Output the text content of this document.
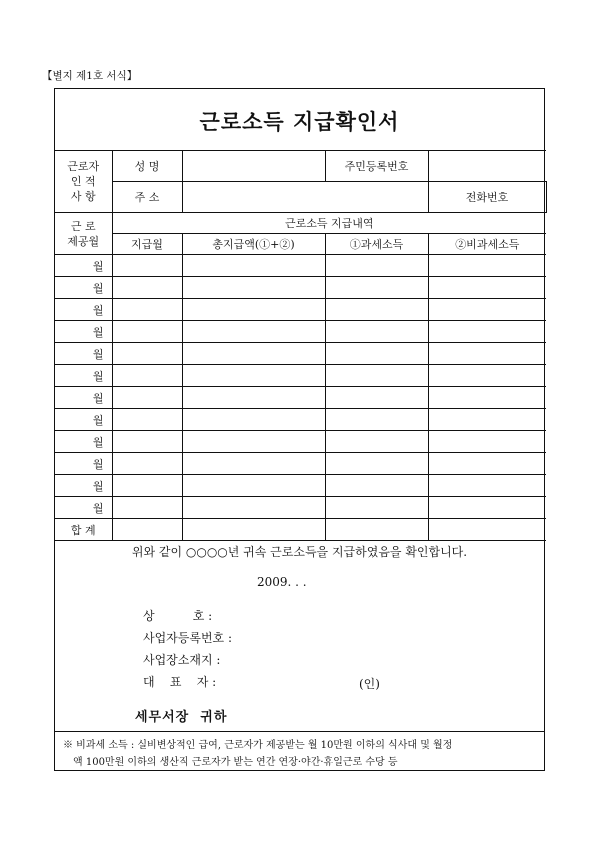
【별지 제1호 서식】
근로소득 지급확인서
근로자
인 적
사 항	성 명		주민등록번호		
	주 소			전화번호	

근 로
제공월	근로소득 지급내역				
	지급월	총지급액(①+②)	①과세소득	②비과세소득	
월					
월					
월					
월					
월					
월					
월					
월					
월					
월					
월					
월					
합 계					
위와 같이 ○○○○년 귀속 근로소득을 지급하였음을 확인합니다.
2009. . .
상          호 :
사업자등록번호 :
사업장소재지 :
대    표    자 :	(인)
세무서장  귀하
※ 비과세 소득 : 실비변상적인 급여, 근로자가 제공받는 월 10만원 이하의 식사대 및 월정
액 100만원 이하의 생산직 근로자가 받는 연간 연장·야간·휴일근로 수당 등
